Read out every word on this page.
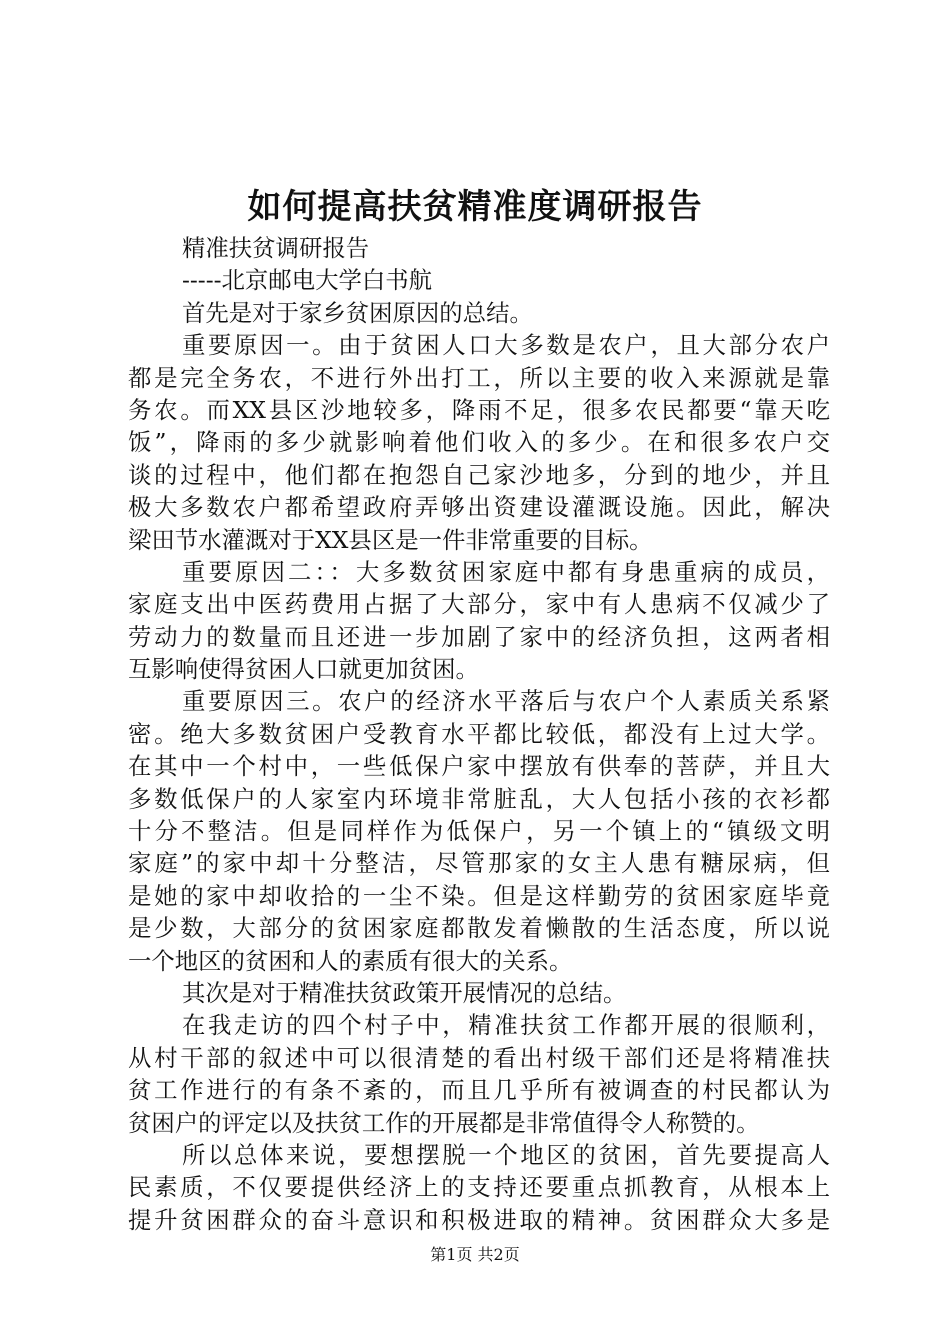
如何提高扶贫精准度调研报告
精准扶贫调研报告
-----北京邮电大学白书航
首先是对于家乡贫困原因的总结。
重要原因一。由于贫困人口大多数是农户，且大部分农户
都是完全务农，不进行外出打工，所以主要的收入来源就是靠
务农。而XX县区沙地较多，降雨不足，很多农民都要“靠天吃
饭”，降雨的多少就影响着他们收入的多少。在和很多农户交
谈的过程中，他们都在抱怨自己家沙地多，分到的地少，并且
极大多数农户都希望政府弄够出资建设灌溉设施。因此，解决
梁田节水灌溉对于XX县区是一件非常重要的目标。
重要原因二：：大多数贫困家庭中都有身患重病的成员，
家庭支出中医药费用占据了大部分，家中有人患病不仅减少了
劳动力的数量而且还进一步加剧了家中的经济负担，这两者相
互影响使得贫困人口就更加贫困。
重要原因三。农户的经济水平落后与农户个人素质关系紧
密。绝大多数贫困户受教育水平都比较低，都没有上过大学。
在其中一个村中，一些低保户家中摆放有供奉的菩萨，并且大
多数低保户的人家室内环境非常脏乱，大人包括小孩的衣衫都
十分不整洁。但是同样作为低保户，另一个镇上的“镇级文明
家庭”的家中却十分整洁，尽管那家的女主人患有糖尿病，但
是她的家中却收拾的一尘不染。但是这样勤劳的贫困家庭毕竟
是少数，大部分的贫困家庭都散发着懒散的生活态度，所以说
一个地区的贫困和人的素质有很大的关系。
其次是对于精准扶贫政策开展情况的总结。
在我走访的四个村子中，精准扶贫工作都开展的很顺利，
从村干部的叙述中可以很清楚的看出村级干部们还是将精准扶
贫工作进行的有条不紊的，而且几乎所有被调查的村民都认为
贫困户的评定以及扶贫工作的开展都是非常值得令人称赞的。
所以总体来说，要想摆脱一个地区的贫困，首先要提高人
民素质，不仅要提供经济上的支持还要重点抓教育，从根本上
提升贫困群众的奋斗意识和积极进取的精神。贫困群众大多是
第1页 共2页
